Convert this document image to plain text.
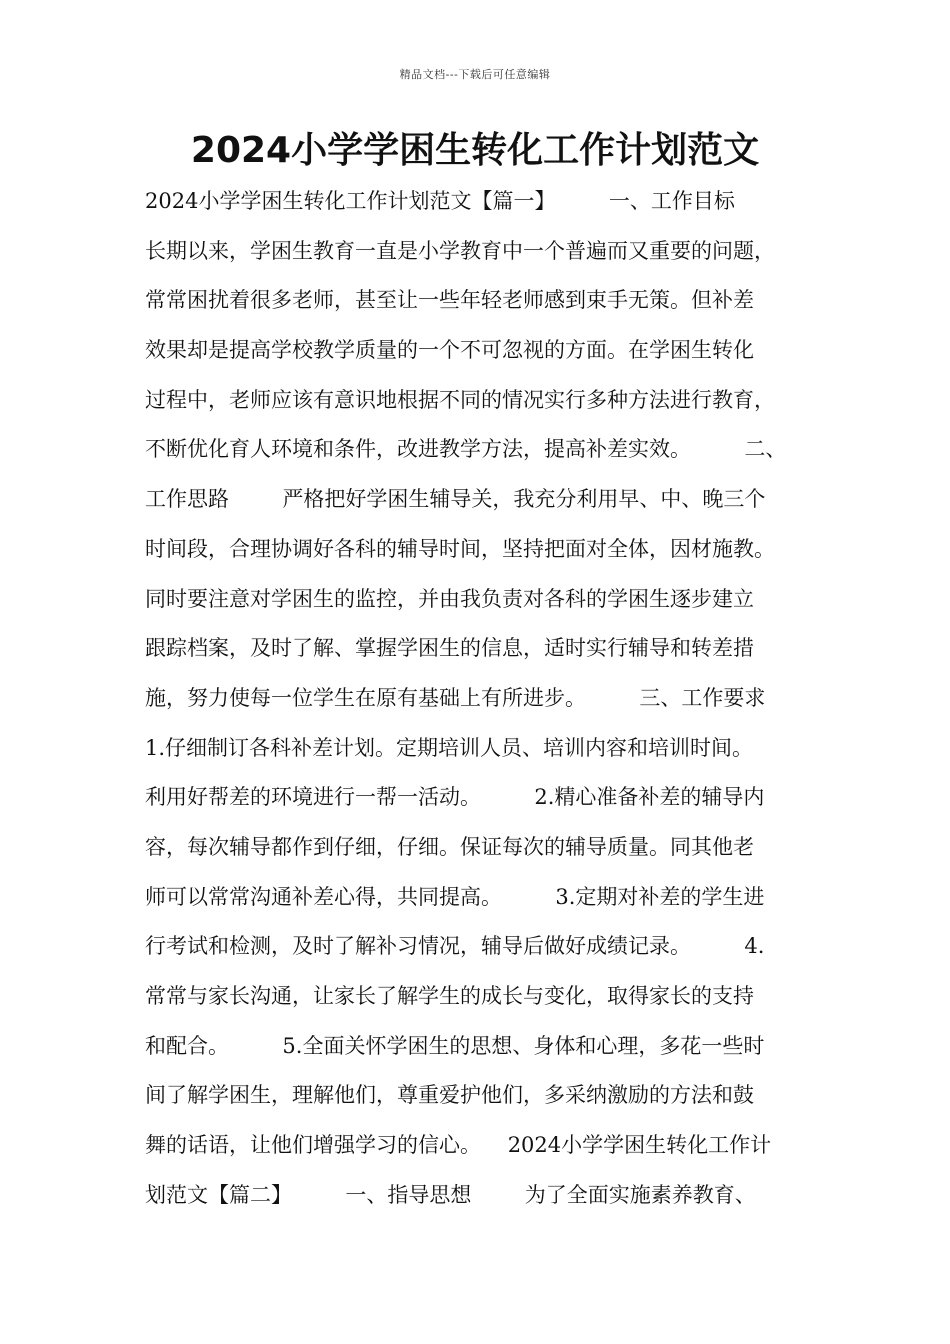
精品文档---下载后可任意编辑
2024小学学困生转化工作计划范文
2024小学学困生转化工作计划范文【篇一】        一、工作目标
长期以来，学困生教育一直是小学教育中一个普遍而又重要的问题，
常常困扰着很多老师，甚至让一些年轻老师感到束手无策。但补差
效果却是提高学校教学质量的一个不可忽视的方面。在学困生转化
过程中，老师应该有意识地根据不同的情况实行多种方法进行教育，
不断优化育人环境和条件，改进教学方法，提高补差实效。        二、
工作思路        严格把好学困生辅导关，我充分利用早、中、晚三个
时间段，合理协调好各科的辅导时间，坚持把面对全体，因材施教。
同时要注意对学困生的监控，并由我负责对各科的学困生逐步建立
跟踪档案，及时了解、掌握学困生的信息，适时实行辅导和转差措
施，努力使每一位学生在原有基础上有所进步。        三、工作要求
1.仔细制订各科补差计划。定期培训人员、培训内容和培训时间。
利用好帮差的环境进行一帮一活动。        2.精心准备补差的辅导内
容，每次辅导都作到仔细，仔细。保证每次的辅导质量。同其他老
师可以常常沟通补差心得，共同提高。        3.定期对补差的学生进
行考试和检测，及时了解补习情况，辅导后做好成绩记录。        4.
常常与家长沟通，让家长了解学生的成长与变化，取得家长的支持
和配合。        5.全面关怀学困生的思想、身体和心理，多花一些时
间了解学困生，理解他们，尊重爱护他们，多采纳激励的方法和鼓
舞的话语，让他们增强学习的信心。    2024小学学困生转化工作计
划范文【篇二】        一、指导思想        为了全面实施素养教育、
